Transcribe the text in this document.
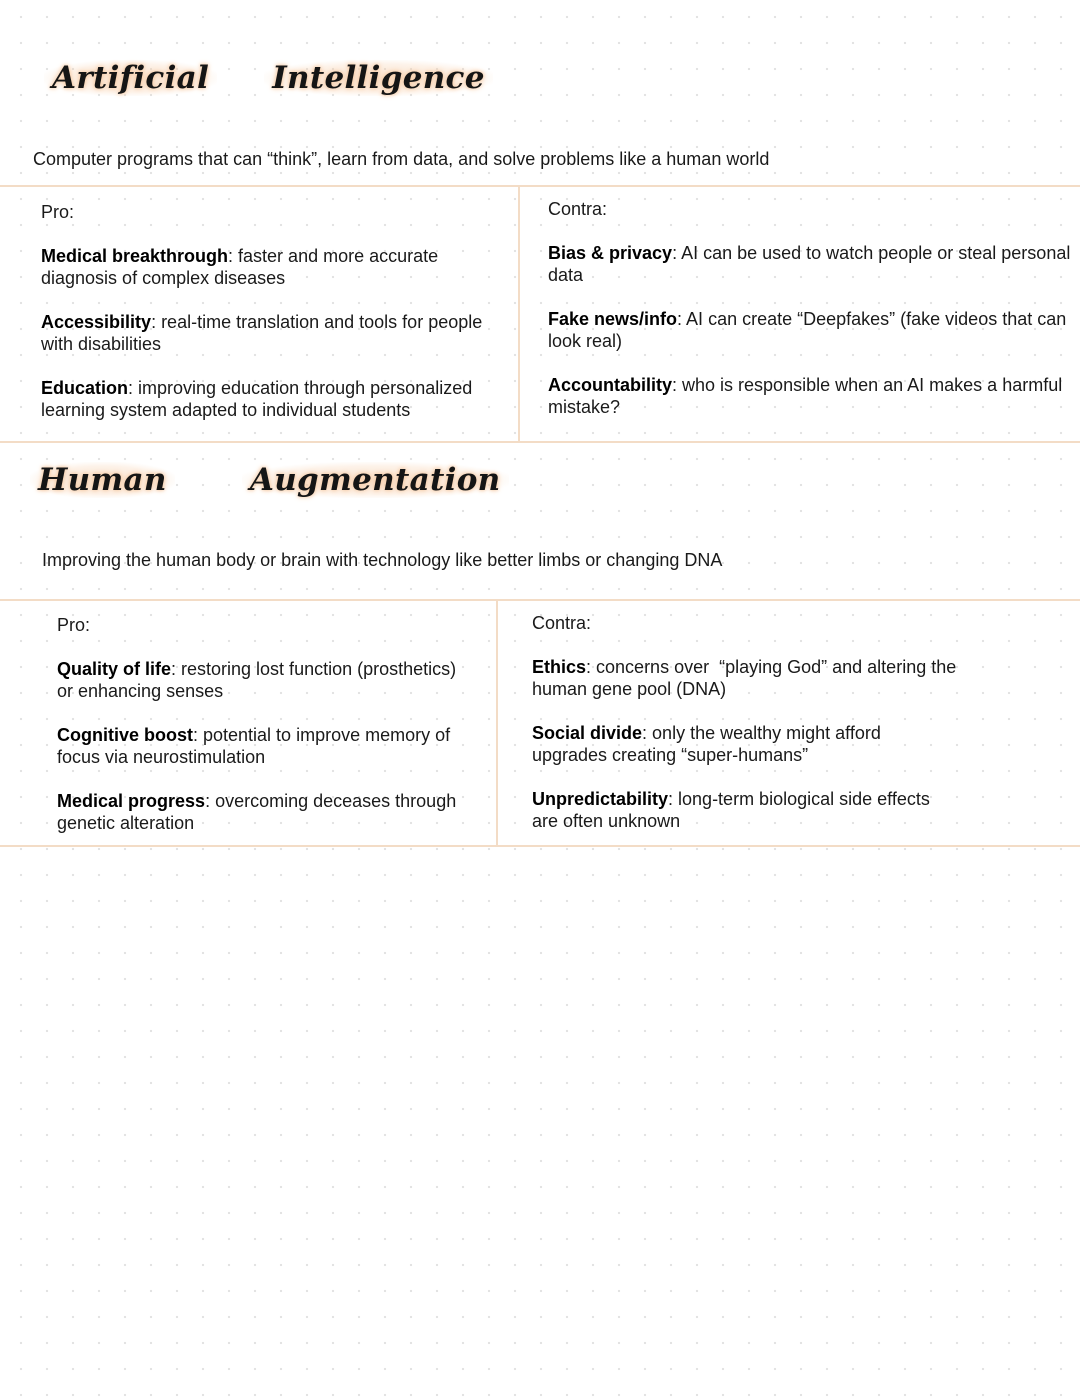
Artificial Intelligence

Computer programs that can “think”, learn from data, and solve problems like a human world

Pro:

Medical breakthrough: faster and more accurate
diagnosis of complex diseases
Accessibility: real-time translation and tools for people
with disabilities
Education: improving education through personalized
learning system adapted to individual students

Contra:

Bias & privacy: AI can be used to watch people or steal personal
data
Fake news/info: AI can create “Deepfakes” (fake videos that can
look real)
Accountability: who is responsible when an AI makes a harmful
mistake?
Human	Augmentation

Improving the human body or brain with technology like better limbs or changing DNA

Pro:

Quality of life: restoring lost function (prosthetics)
or enhancing senses
Cognitive boost: potential to improve memory of
focus via neurostimulation
Medical progress: overcoming deceases through
genetic alteration

Contra:

Ethics: concerns over  “playing God” and altering the
human gene pool (DNA)
Social divide: only the wealthy might afford
upgrades creating “super-humans”
Unpredictability: long-term biological side effects
are often unknown
